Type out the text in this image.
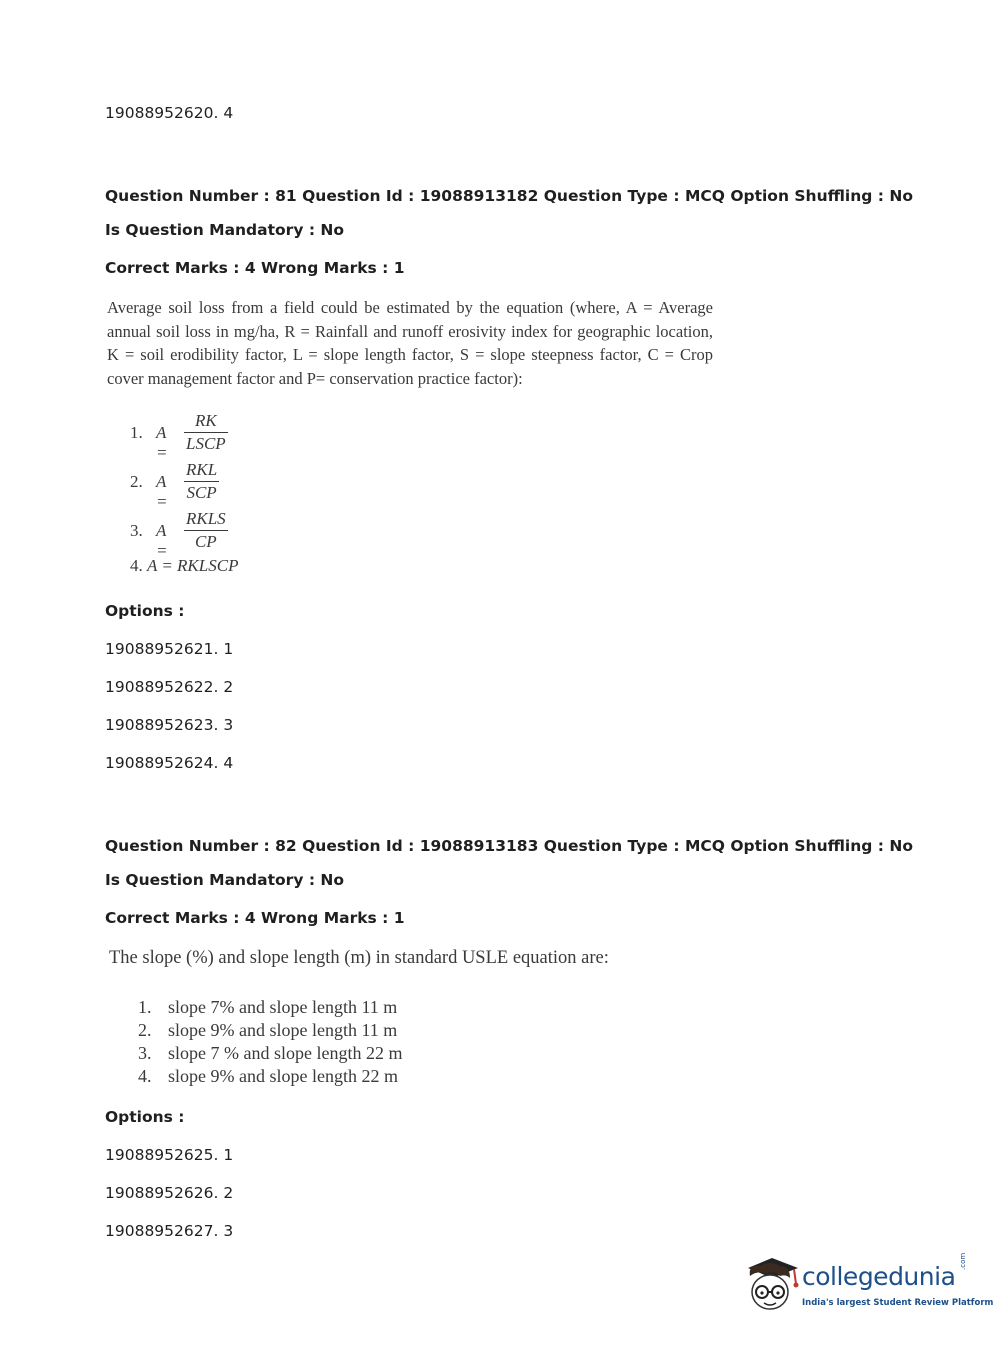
19088952620. 4
Question Number : 81 Question Id : 19088913182 Question Type : MCQ Option Shuffling : No
Is Question Mandatory : No
Correct Marks : 4 Wrong Marks : 1
Average soil loss from a field could be estimated by the equation (where, A = Average annual soil loss in mg/ha, R = Rainfall and runoff erosivity index for geographic location, K = soil erodibility factor, L = slope length factor, S = slope steepness factor, C = Crop cover management factor and P= conservation practice factor):
1. A =
RK
LSCP
2. A =
RKL
SCP
3. A =
RKLS
CP
4. A = RKLSCP
Options :
19088952621. 1
19088952622. 2
19088952623. 3
19088952624. 4
Question Number : 82 Question Id : 19088913183 Question Type : MCQ Option Shuffling : No
Is Question Mandatory : No
Correct Marks : 4 Wrong Marks : 1
The slope (%) and slope length (m) in standard USLE equation are:
1. slope 7% and slope length 11 m
2. slope 9% and slope length 11 m
3. slope 7 % and slope length 22 m
4. slope 9% and slope length 22 m
Options :
19088952625. 1
19088952626. 2
19088952627. 3
collegedunia
.com
India's largest Student Review Platform
